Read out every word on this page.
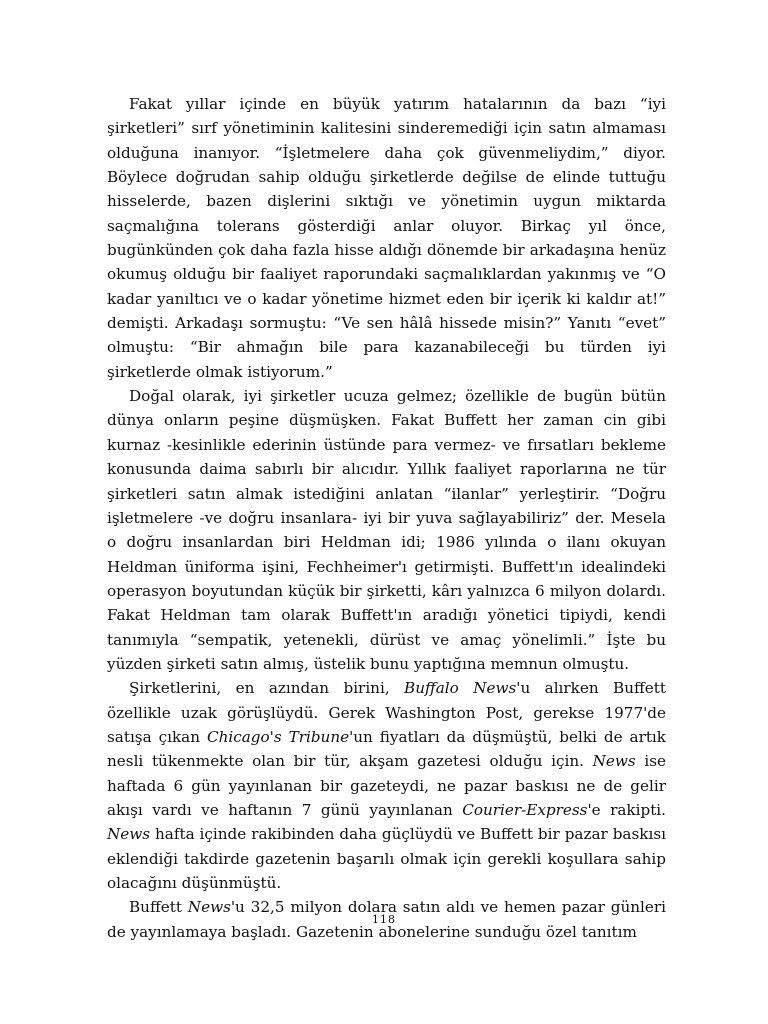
Fakat yıllar içinde en büyük yatırım hatalarının da bazı “iyi şirketleri” sırf yönetiminin kalitesini sinderemediği için satın almaması olduğuna inanıyor. “İşletmelere daha çok güvenmeliydim,” diyor. Böylece doğrudan sahip olduğu şirketlerde değilse de elinde tuttuğu hisselerde, bazen dişlerini sıktığı ve yönetimin uygun miktarda saçmalığına tolerans gösterdiği anlar oluyor. Birkaç yıl önce, bugünkünden çok daha fazla hisse aldığı dönemde bir arkadaşına henüz okumuş olduğu bir faaliyet raporundaki saçmalıklardan yakınmış ve “O kadar yanıltıcı ve o kadar yönetime hizmet eden bir içerik ki kaldır at!” demişti. Arkadaşı sormuştu: “Ve sen hâlâ hissede misin?” Yanıtı “evet” olmuştu: “Bir ahmağın bile para kazanabileceği bu türden iyi şirketlerde olmak istiyorum.”

Doğal olarak, iyi şirketler ucuza gelmez; özellikle de bugün bütün dünya onların peşine düşmüşken. Fakat Buffett her zaman cin gibi kurnaz -kesinlikle ederinin üstünde para vermez- ve fırsatları bekleme konusunda daima sabırlı bir alıcıdır. Yıllık faaliyet raporlarına ne tür şirketleri satın almak istediğini anlatan “ilanlar” yerleştirir. “Doğru işletmelere -ve doğru insanlara- iyi bir yuva sağlayabiliriz” der. Mesela o doğru insanlardan biri Heldman idi; 1986 yılında o ilanı okuyan Heldman üniforma işini, Fechheimer'ı getirmişti. Buffett'ın idealindeki operasyon boyutundan küçük bir şirketti, kârı yalnızca 6 milyon dolardı. Fakat Heldman tam olarak Buffett'ın aradığı yönetici tipiydi, kendi tanımıyla “sempatik, yetenekli, dürüst ve amaç yönelimli.” İşte bu yüzden şirketi satın almış, üstelik bunu yaptığına memnun olmuştu.

Şirketlerini, en azından birini, Buffalo News'u alırken Buffett özellikle uzak görüşlüydü. Gerek Washington Post, gerekse 1977'de satışa çıkan Chicago's Tribune'un fiyatları da düşmüştü, belki de artık nesli tükenmekte olan bir tür, akşam gazetesi olduğu için. News ise haftada 6 gün yayınlanan bir gazeteydi, ne pazar baskısı ne de gelir akışı vardı ve haftanın 7 günü yayınlanan Courier-Express'e rakipti. News hafta içinde rakibinden daha güçlüydü ve Buffett bir pazar baskısı eklendiği takdirde gazetenin başarılı olmak için gerekli koşullara sahip olacağını düşünmüştü.

Buffett News'u 32,5 milyon dolara satın aldı ve hemen pazar günleri de yayınlamaya başladı. Gazetenin abonelerine sunduğu özel tanıtım

118
